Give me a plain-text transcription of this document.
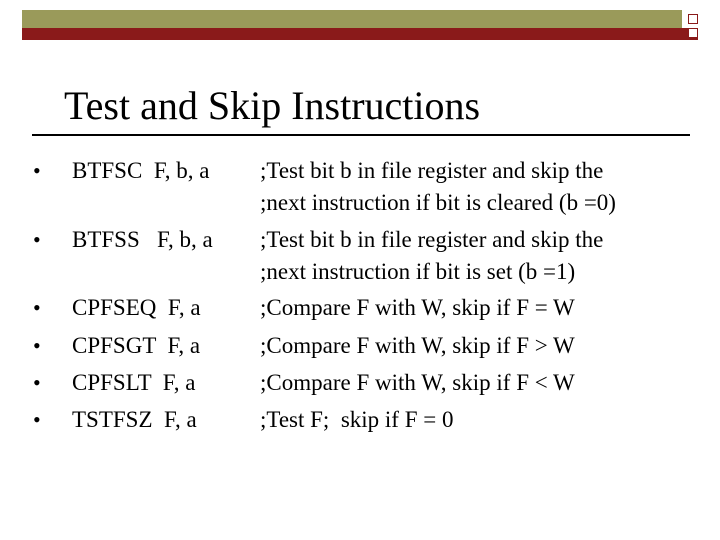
Test and Skip Instructions
• BTFSC  F, b, a ;Test bit b in file register and skip the
;next instruction if bit is cleared (b =0)
• BTFSS   F, b, a ;Test bit b in file register and skip the
;next instruction if bit is set (b =1)
• CPFSEQ  F, a	;Compare F with W, skip if F = W
• CPFSGT  F, a	;Compare F with W, skip if F > W
• CPFSLT  F, a	;Compare F with W, skip if F < W
• TSTFSZ  F, a	;Test F;  skip if F = 0
